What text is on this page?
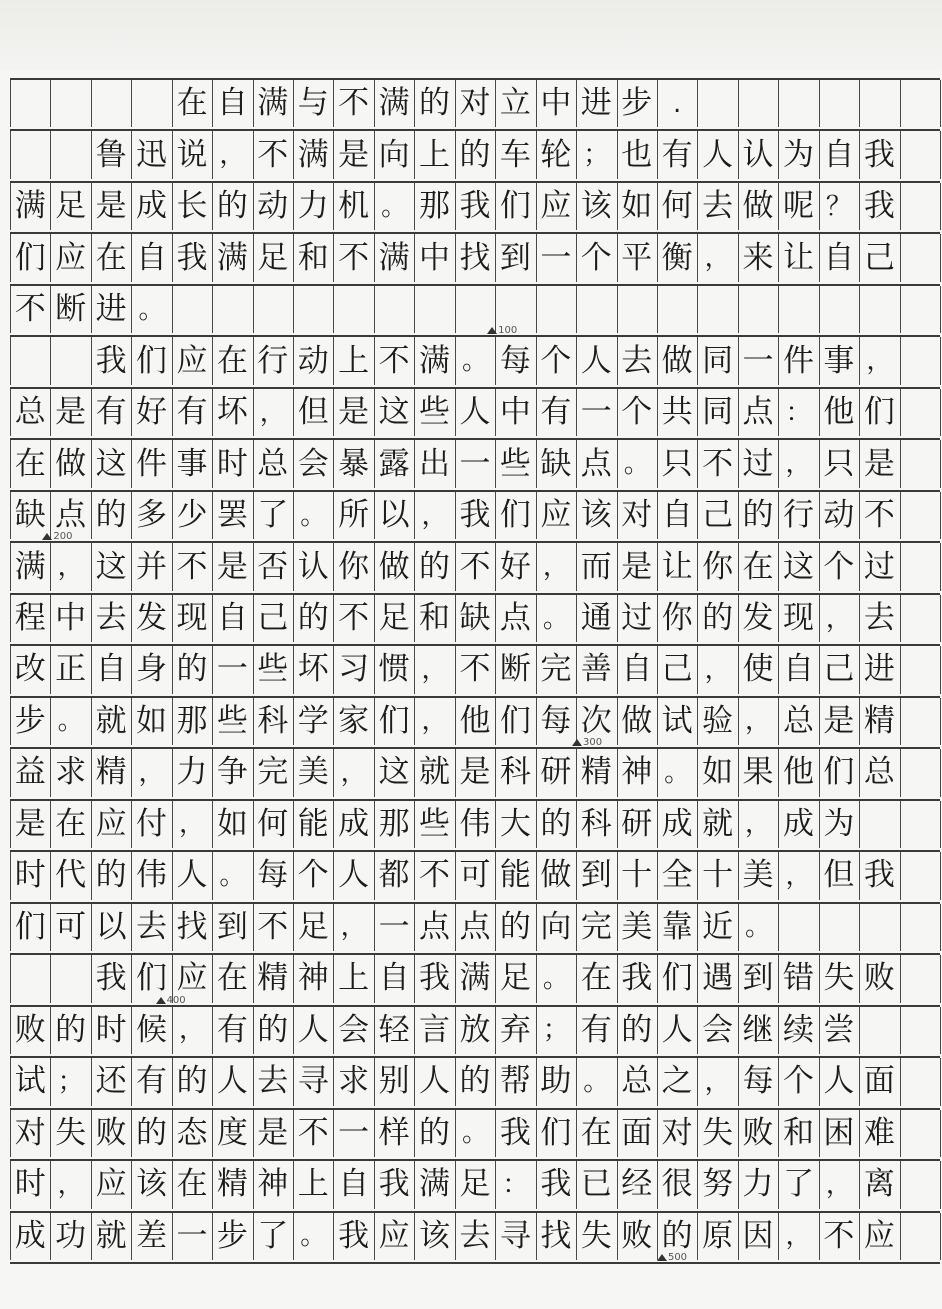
在 自 满 与 不 满 的 对 立 中 进 步 .
鲁 迅 说 ， 不 满 是 向 上 的 车 轮 ； 也 有 人 认 为 自 我
满 足 是 成 长 的 动 力 机 。 那 我 们 应 该 如 何 去 做 呢 ？ 我
们 应 在 自 我 满 足 和 不 满 中 找 到 一 个 平 衡 ， 来 让 自 己
不 断 进 。
我 们 应 在 行 动 上 不 满 。 每 个 人 去 做 同 一 件 事 ，
总 是 有 好 有 坏 ， 但 是 这 些 人 中 有 一 个 共 同 点 ： 他 们
在 做 这 件 事 时 总 会 暴 露 出 一 些 缺 点 。 只 不 过 ， 只 是
缺 点 的 多 少 罢 了 。 所 以 ， 我 们 应 该 对 自 己 的 行 动 不
满 ， 这 并 不 是 否 认 你 做 的 不 好 ， 而 是 让 你 在 这 个 过
程 中 去 发 现 自 己 的 不 足 和 缺 点 。 通 过 你 的 发 现 ， 去
改 正 自 身 的 一 些 坏 习 惯 ， 不 断 完 善 自 己 ， 使 自 己 进
步 。 就 如 那 些 科 学 家 们 ， 他 们 每 次 做 试 验 ， 总 是 精
益 求 精 ， 力 争 完 美 ， 这 就 是 科 研 精 神 。 如 果 他 们 总
是 在 应 付 ， 如 何 能 成 那 些 伟 大 的 科 研 成 就 ， 成 为
时 代 的 伟 人 。 每 个 人 都 不 可 能 做 到 十 全 十 美 ， 但 我
们 可 以 去 找 到 不 足 ， 一 点 点 的 向 完 美 靠 近 。
我 们 应 在 精 神 上 自 我 满 足 。 在 我 们 遇 到 错 失 败
败 的 时 候 ， 有 的 人 会 轻 言 放 弃 ； 有 的 人 会 继 续 尝
试 ； 还 有 的 人 去 寻 求 别 人 的 帮 助 。 总 之 ， 每 个 人 面
对 失 败 的 态 度 是 不 一 样 的 。 我 们 在 面 对 失 败 和 困 难
时 ， 应 该 在 精 神 上 自 我 满 足 ： 我 已 经 很 努 力 了 ， 离
成 功 就 差 一 步 了 。 我 应 该 去 寻 找 失 败 的 原 因 ， 不 应
100
200
300
400
500
